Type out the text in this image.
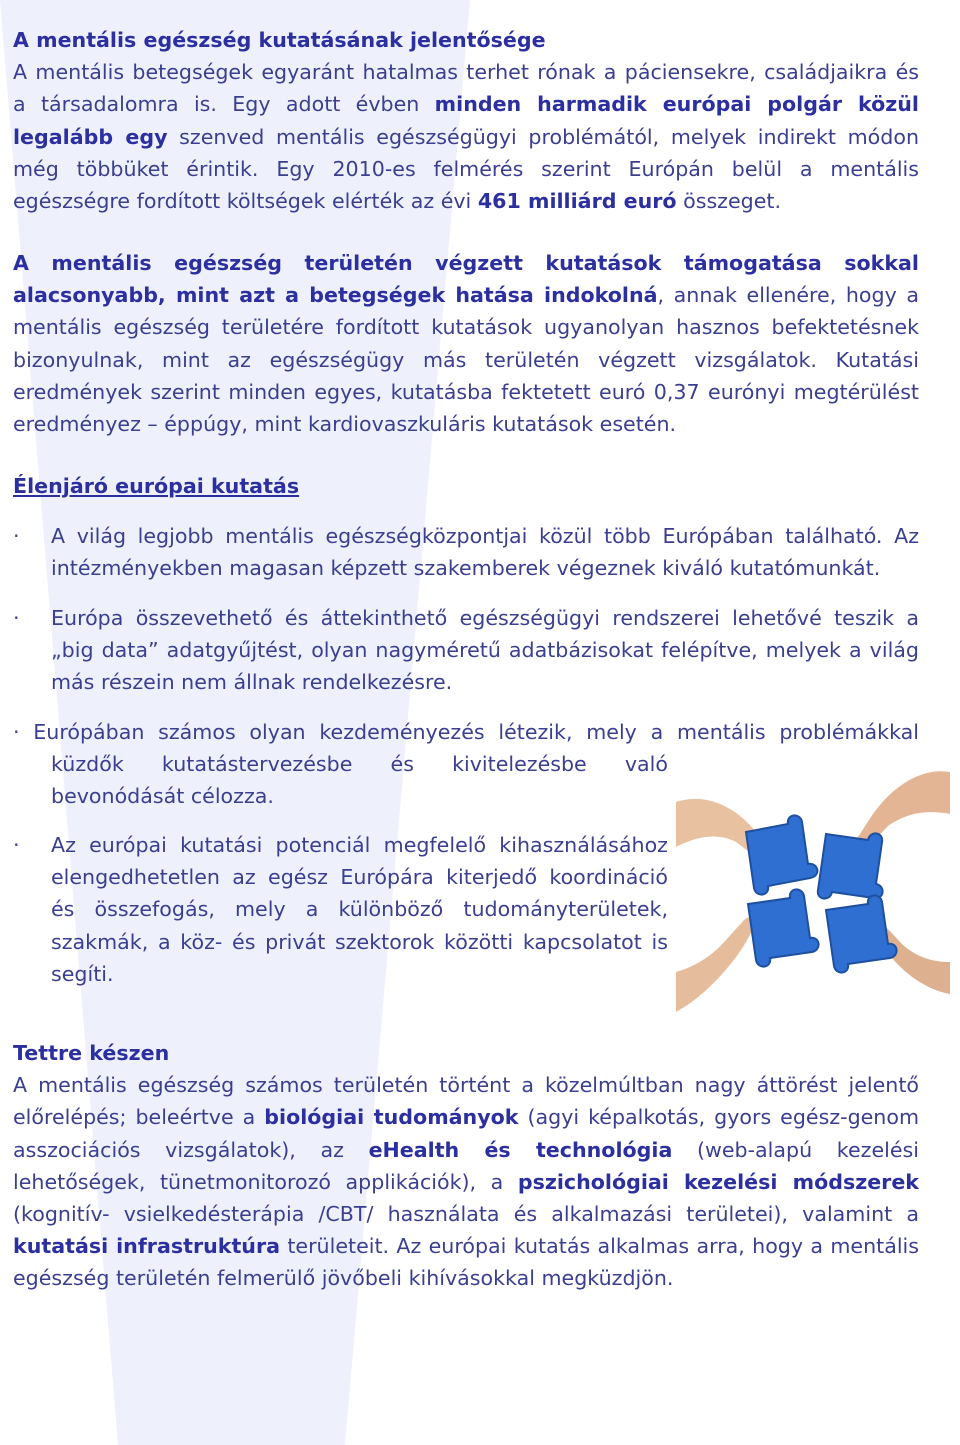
A mentális egészség kutatásának jelentősége

A mentális betegségek egyaránt hatalmas terhet rónak a páciensekre, családjaikra és a társadalomra is. Egy adott évben minden harmadik európai polgár közül legalább egy szenved mentális egészségügyi problémától, melyek indirekt módon még többüket érintik. Egy 2010-es felmérés szerint Európán belül a mentális egészségre fordított költségek elérték az évi 461 milliárd euró összeget.

A mentális egészség területén végzett kutatások támogatása sokkal alacsonyabb, mint azt a betegségek hatása indokolná, annak ellenére, hogy a mentális egészség területére fordított kutatások ugyanolyan hasznos befektetésnek bizonyulnak, mint az egészségügy más területén végzett vizsgálatok. Kutatási eredmények szerint minden egyes, kutatásba fektetett euró 0,37 eurónyi megtérülést eredményez – éppúgy, mint kardiovaszkuláris kutatások esetén.

Élenjáró európai kutatás

· A világ legjobb mentális egészségközpontjai közül több Európában található. Az intézményekben magasan képzett szakemberek végeznek kiváló kutatómunkát.
· Európa összevethető és áttekinthető egészségügyi rendszerei lehetővé teszik a „big data” adatgyűjtést, olyan nagyméretű adatbázisokat felépítve, melyek a világ más részein nem állnak rendelkezésre.
· Európában számos olyan kezdeményezés létezik, mely a mentális problémákkal
küzdők kutatástervezésbe és kivitelezésbe való
bevonódását célozza.
· Az európai kutatási potenciál megfelelő kihasználásához elengedhetetlen az egész Európára kiterjedő koordináció és összefogás, mely a különböző tudományterületek, szakmák, a köz- és privát szektorok közötti kapcsolatot is segíti.

Tettre készen

A mentális egészség számos területén történt a közelmúltban nagy áttörést jelentő előrelépés; beleértve a biológiai tudományok (agyi képalkotás, gyors egész-genom asszociációs vizsgálatok), az eHealth és technológia (web-alapú kezelési lehetőségek, tünetmonitorozó applikációk), a pszichológiai kezelési módszerek (kognitív- vsielkedésterápia /CBT/ használata és alkalmazási területei), valamint a kutatási infrastruktúra területeit. Az európai kutatás alkalmas arra, hogy a mentális egészség területén felmerülő jövőbeli kihívásokkal megküzdjön.
